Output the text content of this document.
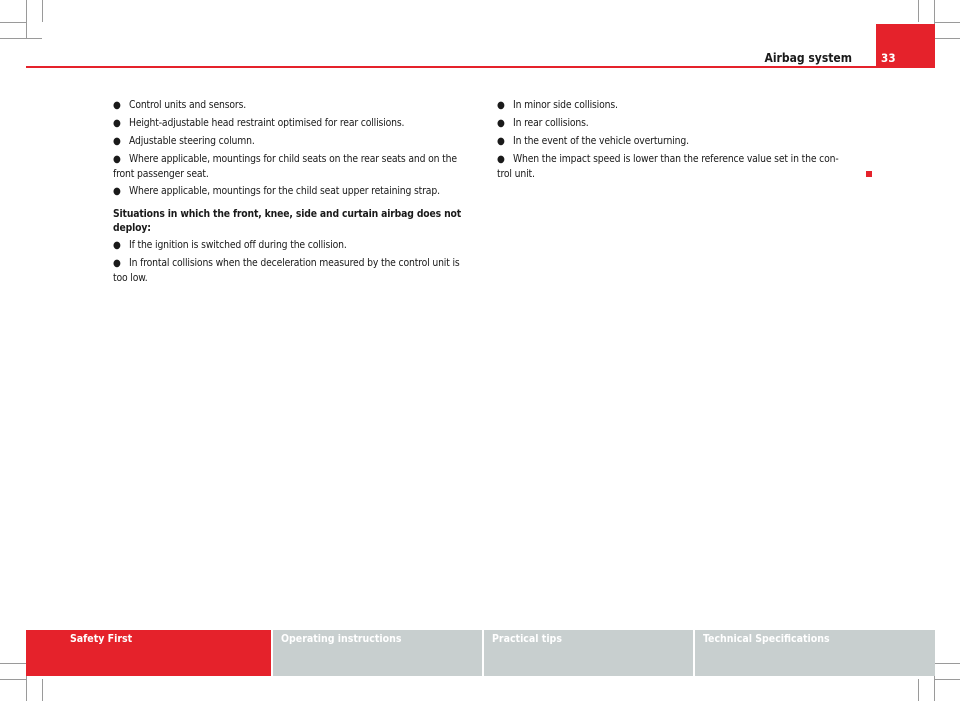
Airbag system	33

● Control units and sensors.

● Height-adjustable head restraint optimised for rear collisions.

● Adjustable steering column.

● Where applicable, mountings for child seats on the rear seats and on the front passenger seat.

● Where applicable, mountings for the child seat upper retaining strap.

Situations in which the front, knee, side and curtain airbag does not deploy:

● If the ignition is switched off during the collision.

● In frontal collisions when the deceleration measured by the control unit is too low.

● In minor side collisions.

● In rear collisions.

● In the event of the vehicle overturning.

● When the impact speed is lower than the reference value set in the con- trol unit.

Safety First	Operating instructions	Practical tips	Technical Specifications
